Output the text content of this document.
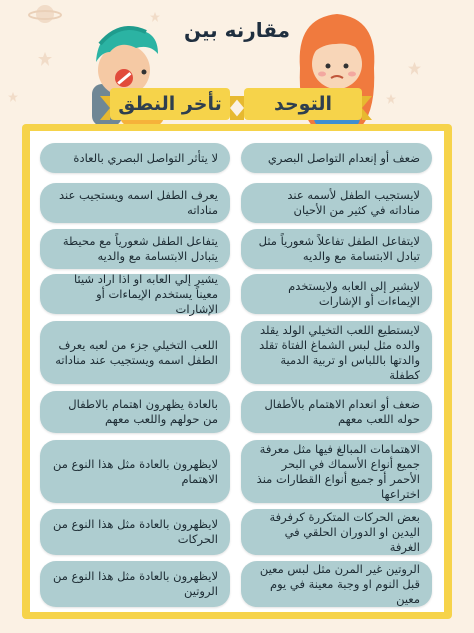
مقارنه بين
التوحد
تأخر النطق
ضعف أو إنعدام التواصل البصري
لا يتأثر التواصل البصري بالعادة
لايستجيب الطفل لأسمه عند مناداته في كثير من الأحيان
يعرف الطفل اسمه ويستجيب عند مناداته
لايتفاعل الطفل تفاعلاً شعورياً مثل تبادل الابتسامة مع والديه
يتفاعل الطفل شعورياً مع محيطة يتبادل الابتسامة مع والديه
لايشير إلى العابه ولايستخدم الإيماءات أو الإشارات
يشير إلي العابه او اذا اراد شيئا معيناً يستخدم الإيماءات أو الإشارات
لايستطيع اللعب التخيلي الولد يقلد والده مثل لبس الشماغ الفتاة تقلد والدتها باللباس او تربية الدمية كطفلة
اللعب التخيلي جزء من لعبه يعرف الطفل اسمه ويستجيب عند مناداته
ضعف أو انعدام الاهتمام بالأطفال حوله اللعب معهم
بالعادة يظهرون اهتمام بالاطفال من حولهم واللعب معهم
الاهتمامات المبالغ فيها مثل معرفة جميع أنواع الأسماك في البحر الأحمر أو جميع أنواع القطارات منذ اختراعها
لايظهرون بالعادة مثل هذا النوع من الاهتمام
بعض الحركات المتكررة كرفرفة اليدين او الدوران الحلقي في الغرفة
لايظهرون بالعادة مثل هذا النوع من الحركات
الروتين غير المرن مثل لبس معين قبل النوم او وجبة معينة في يوم معين
لايظهرون بالعادة مثل هذا النوع من الروتين
